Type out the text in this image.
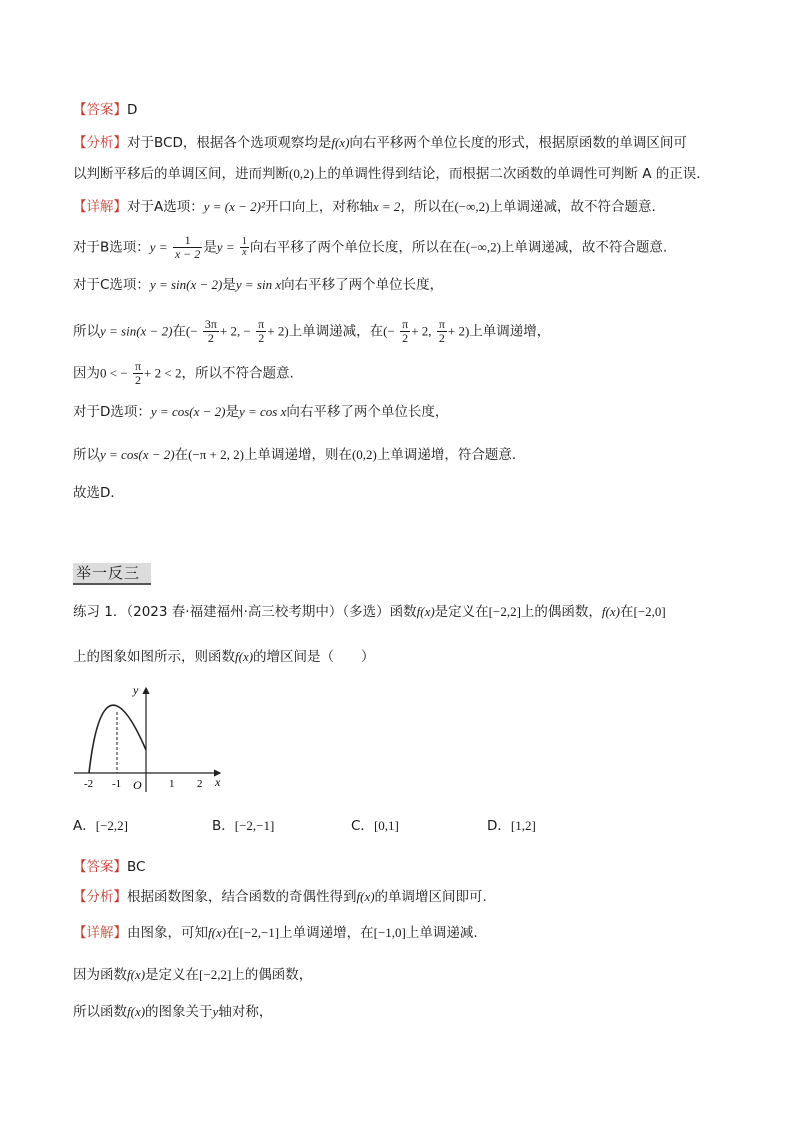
【答案】D
【分析】对于BCD，根据各个选项观察均是f(x)向右平移两个单位长度的形式，根据原函数的单调区间可
以判断平移后的单调区间，进而判断(0,2)上的单调性得到结论，而根据二次函数的单调性可判断 A 的正误.
【详解】对于A选项：y = (x − 2)²开口向上，对称轴x = 2，所以在(−∞,2)上单调递减，故不符合题意.
对于B选项：$y = \frac{1}{x - 2}$ 是$y = \frac{1}{x}$ 向右平移了两个单位长度，所以在在(−∞,2)上单调递减，故不符合题意.
对于C选项：y = sin(x − 2)是y = sin x向右平移了两个单位长度，
所以y = sin(x − 2)在(− $\frac{3\pi}{2} + 2$, − $\frac{\pi}{2} + 2$)上单调递减，在(− $\frac{\pi}{2} + 2$, $\frac{\pi}{2} + 2$)上单调递增，
因为0 < − $\frac{\pi}{2} + 2 < 2$，所以不符合题意.
对于D选项：y = cos(x − 2)是y = cos x向右平移了两个单位长度，
所以y = cos(x − 2)在(−π + 2, 2)上单调递增，则在(0,2)上单调递增，符合题意.
故选D．
举一反三
练习 1．（2023 春·福建福州·高三校考期中）（多选）函数f(x)是定义在[−2,2]上的偶函数，f(x)在[−2,0]
上的图象如图所示，则函数f(x)的增区间是（　　）
y
x
O
-2 -1	1 2
A．[−2,2]	B．[−2,−1]	C．[0,1]	D．[1,2]
【答案】BC
【分析】根据函数图象，结合函数的奇偶性得到f(x)的单调增区间即可.
【详解】由图象，可知f(x)在[−2,−1]上单调递增，在[−1,0]上单调递减.
因为函数f(x)是定义在[−2,2]上的偶函数，
所以函数f(x)的图象关于y轴对称，
